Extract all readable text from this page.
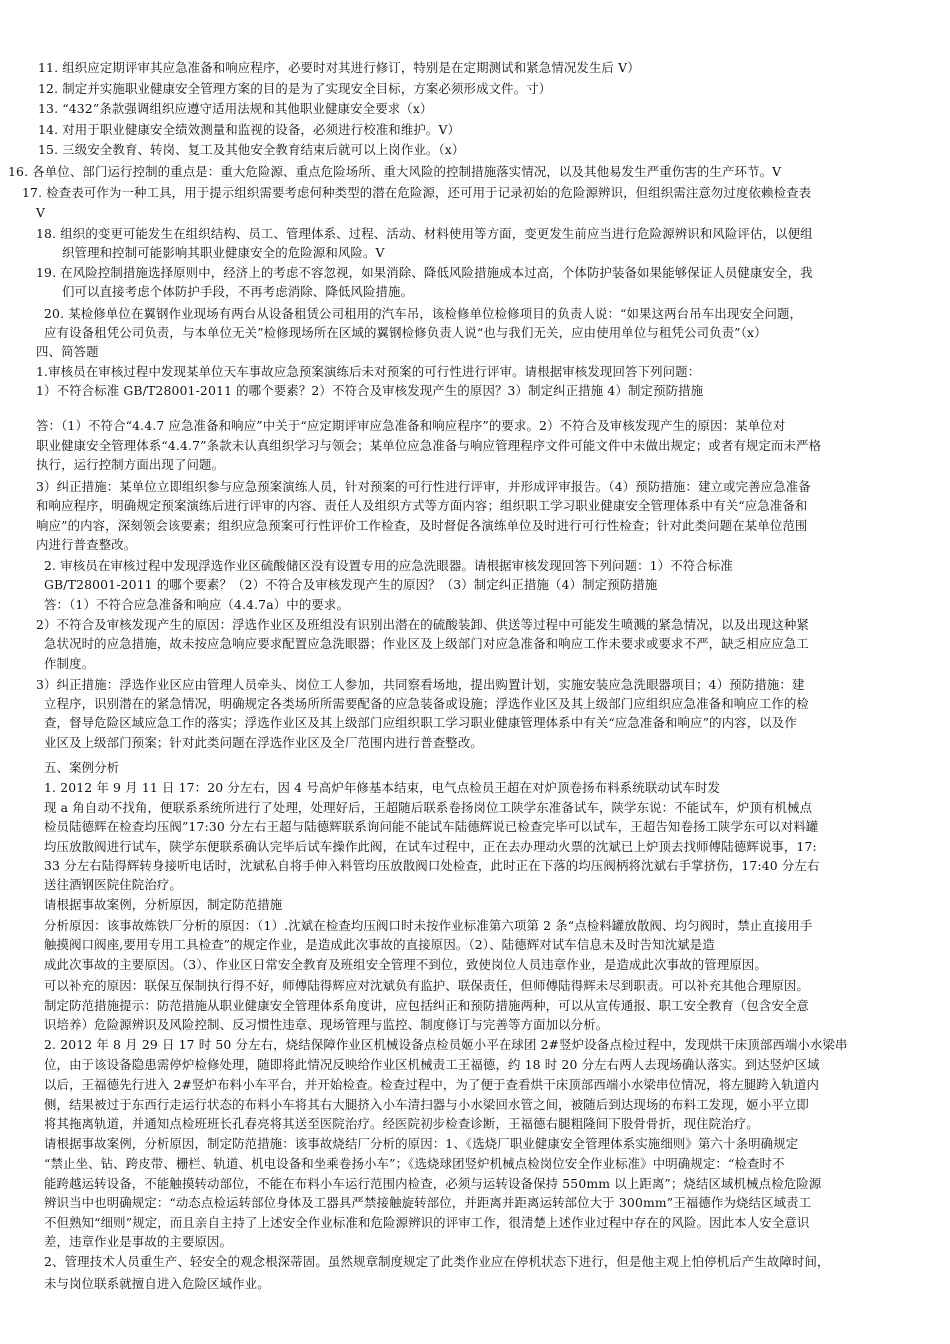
11. 组织应定期评审其应急准备和响应程序，必要时对其进行修订，特别是在定期测试和紧急情况发生后 V）
12. 制定并实施职业健康安全管理方案的目的是为了实现安全目标，方案必须形成文件。寸）
13. “432”条款强调组织应遵守适用法规和其他职业健康安全要求（x）
14. 对用于职业健康安全绩效测量和监视的设备，必须进行校准和维护。V）
15. 三级安全教育、转岗、复工及其他安全教育结束后就可以上岗作业。（x）
16. 各单位、部门运行控制的重点是：重大危险源、重点危险场所、重大风险的控制措施落实情况，以及其他易发生严重伤害的生产环节。V
17. 检查表可作为一种工具，用于提示组织需要考虑何种类型的潜在危险源，还可用于记录初始的危险源辨识，但组织需注意勿过度依赖检查表
V
18. 组织的变更可能发生在组织结构、员工、管理体系、过程、活动、材料使用等方面，变更发生前应当进行危险源辨识和风险评估，以便组
织管理和控制可能影响其职业健康安全的危险源和风险。V
19. 在风险控制措施选择原则中，经济上的考虑不容忽视，如果消除、降低风险措施成本过高，个体防护装备如果能够保证人员健康安全，我
们可以直接考虑个体防护手段，不再考虑消除、降低风险措施。
20. 某检修单位在翼钢作业现场有两台从设备租赁公司租用的汽车吊，该检修单位检修项目的负责人说：“如果这两台吊车出现安全问题，
应有设备租凭公司负责，与本单位无关”检修现场所在区域的翼钢检修负责人说“也与我们无关，应由使用单位与租凭公司负责”（x）
四、简答题
1.审核员在审核过程中发现某单位天车事故应急预案演练后未对预案的可行性进行评审。请根据审核发现回答下列问题：
1）不符合标准 GB/T28001-2011 的哪个要素？2）不符合及审核发现产生的原因？3）制定纠正措施 4）制定预防措施
答：（1）不符合“4.4.7 应急准备和响应”中关于“应定期评审应急准备和响应程序”的要求。2）不符合及审核发现产生的原因：某单位对
职业健康安全管理体系“4.4.7”条款未认真组织学习与领会；某单位应急准备与响应管理程序文件可能文件中未做出规定；或者有规定而未严格
执行，运行控制方面出现了问题。
3）纠正措施：某单位立即组织参与应急预案演练人员，针对预案的可行性进行评审，并形成评审报告。（4）预防措施：建立或完善应急准备
和响应程序，明确规定预案演练后进行评审的内容、责任人及组织方式等方面内容；组织职工学习职业健康安全管理体系中有关“应急准备和
响应”的内容，深刻领会该要素；组织应急预案可行性评价工作检查，及时督促各演练单位及时进行可行性检查；针对此类问题在某单位范围
内进行普查整改。
2. 审核员在审核过程中发现浮选作业区硫酸储区没有设置专用的应急洗眼器。请根据审核发现回答下列问题：1）不符合标准
GB/T28001-2011 的哪个要素？（2）不符合及审核发现产生的原因？（3）制定纠正措施（4）制定预防措施
答：（1）不符合应急准备和响应（4.4.7a）中的要求。
2）不符合及审核发现产生的原因：浮选作业区及班组没有识别出潜在的硫酸装卸、供送等过程中可能发生喷溅的紧急情况，以及出现这种紧
急状况时的应急措施，故未按应急响应要求配置应急洗眼器；作业区及上级部门对应急准备和响应工作未要求或要求不严，缺乏相应应急工
作制度。
3）纠正措施：浮选作业区应由管理人员牵头、岗位工人参加，共同察看场地，提出购置计划，实施安装应急洗眼器项目；4）预防措施：建
立程序，识别潜在的紧急情况，明确规定各类场所所需要配备的应急装备或设施；浮选作业区及其上级部门应组织应急准备和响应工作的检
查，督导危险区域应急工作的落实；浮选作业区及其上级部门应组织职工学习职业健康管理体系中有关“应急准备和响应”的内容，以及作
业区及上级部门预案；针对此类问题在浮选作业区及全厂范围内进行普查整改。
五、案例分析
1. 2012 年 9 月 11 日 17：20 分左右，因 4 号高炉年修基本结束，电气点检员王超在对炉顶卷扬布料系统联动试车时发
现 a 角自动不找角，便联系系统所进行了处理，处理好后，王超随后联系卷扬岗位工陕学东准备试车，陕学东说：不能试车，炉顶有机械点
检员陆德辉在检查均压阀”17:30 分左右王超与陆德辉联系询问能不能试车陆德辉说已检查完毕可以试车，王超告知卷扬工陕学东可以对料罐
均压放散阀进行试车，陕学东便联系确认完毕后试车操作此阀，在试车过程中，正在去办理动火票的沈斌已上炉顶去找师傅陆德辉说事，17:
33 分左右陆得辉转身接听电话时，沈斌私自将手伸入料管均压放散阀口处检查，此时正在下落的均压阀柄将沈斌右手掌挤伤，17:40 分左右
送往酒钢医院住院治疗。
请根据事故案例，分析原因，制定防范措施
分析原因：该事故炼铁厂分析的原因：（1）.沈斌在检查均压阀口时未按作业标准第六项第 2 条“点检料罐放散阀、均匀阀时，禁止直接用手
触摸阀口阀座,要用专用工具检查”的规定作业，是造成此次事故的直接原因。（2）、陆德辉对试车信息未及时告知沈斌是造
成此次事故的主要原因。（3）、作业区日常安全教育及班组安全管理不到位，致使岗位人员违章作业，是造成此次事故的管理原因。
可以补充的原因：联保互保制执行得不好，师傅陆得辉应对沈斌负有监护、联保责任，但师傅陆得辉未尽到职责。可以补充其他合理原因。
制定防范措施提示：防范措施从职业健康安全管理体系角度讲，应包括纠正和预防措施两种，可以从宣传通报、职工安全教育（包含安全意
识培养）危险源辨识及风险控制、反习惯性违章、现场管理与监控、制度修订与完善等方面加以分析。
2. 2012 年 8 月 29 日 17 时 50 分左右，烧结保障作业区机械设备点检员姬小平在球团 2#竖炉设备点检过程中，发现烘干床顶部西端小水梁串
位，由于该设备隐患需停炉检修处理，随即将此情况反映给作业区机械责工王福德，约 18 时 20 分左右两人去现场确认落实。到达竖炉区域
以后，王福德先行进入 2#竖炉布料小车平台，并开始检查。检查过程中，为了便于查看烘干床顶部西端小水梁串位情况，将左腿跨入轨道内
侧，结果被过于东西行走运行状态的布料小车将其右大腿挤入小车清扫器与小水梁回水管之间，被随后到达现场的布料工发现，姬小平立即
将其拖离轨道，并通知点检班班长孔春亮将其送至医院治疗。经医院初步检查诊断，王福德右腿粗隆间下股骨骨折，现住院治疗。
请根据事故案例，分析原因，制定防范措施：该事故烧结厂分析的原因：1、《选烧厂职业健康安全管理体系实施细则》第六十条明确规定
“禁止坐、钻、跨皮带、栅栏、轨道、机电设备和坐乘卷扬小车”；《选烧球团竖炉机械点检岗位安全作业标准》中明确规定：“检查时不
能跨越运转设备，不能触摸转动部位，不能在布料小车运行范围内检查，必须与运转设备保持 550mm 以上距离”；烧结区域机械点检危险源
辨识当中也明确规定：“动态点检运转部位身体及工器具严禁接触旋转部位，并距离并距离运转部位大于 300mm”王福德作为烧结区域责工
不但熟知“细则”规定，而且亲自主持了上述安全作业标准和危险源辨识的评审工作，很清楚上述作业过程中存在的风险。因此本人安全意识
差，违章作业是事故的主要原因。
2、管理技术人员重生产、轻安全的观念根深蒂固。虽然规章制度规定了此类作业应在停机状态下进行，但是他主观上怕停机后产生故障时间，
未与岗位联系就擅自进入危险区域作业。
